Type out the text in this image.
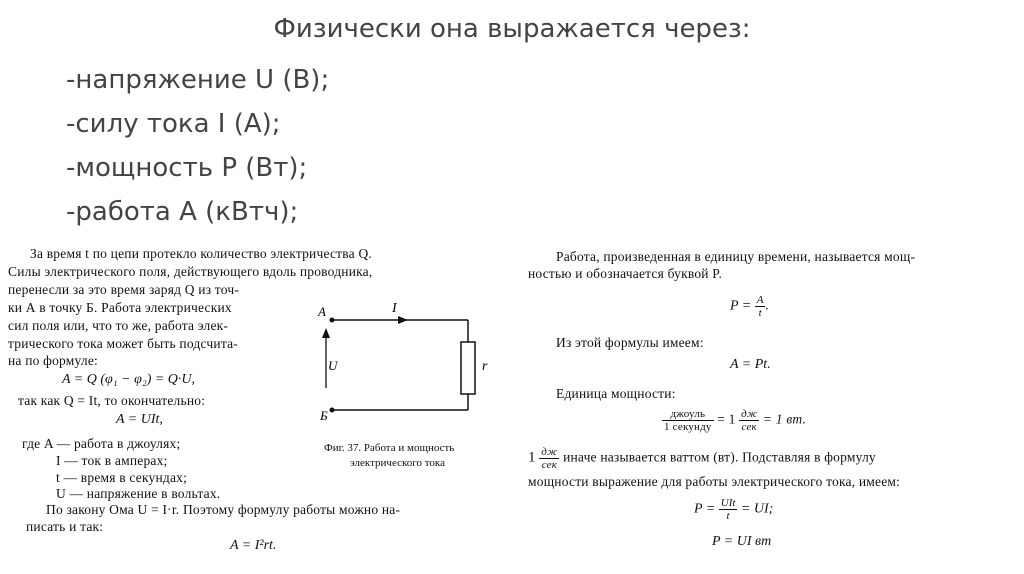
Физически она выражается через:
-напряжение U (В);
-силу тока I (А);
-мощность Р (Вт);
-работа А (кВтч);
За время t по цепи протекло количество электричества Q.
Силы электрического поля, действующего вдоль проводника,
перенесли за это время заряд Q из точ-
ки А в точку Б. Работа электрических
сил поля или, что то же, работа элек-
трического тока может быть подсчита-
на по формуле:
A = Q (φ₁ − φ₂) = Q·U,
так как Q = It, то окончательно:
A = UIt,
где A — работа в джоулях;
I — ток в амперах;
t — время в секундах;
U — напряжение в вольтах.
По закону Ома U = I·r. Поэтому формулу работы можно на-
писать и так:
A = I²rt.
А
Б
I
U	r
Фиг. 37. Работа и мощность
электрического тока
Работа, произведенная в единицу времени, называется мощ-
ностью и обозначается буквой P.
$P = \frac{A}{t}$ .
Из этой формулы имеем:
A = Pt.
Единица мощности:
$\frac{\text{джоуль}}{\text{1 секунду}} = 1 \frac{дж}{\text{сек}} = 1$ вт.
$1 \frac{дж}{\text{сек}}$ иначе называется ваттом (вт). Подставляя в формулу
мощности выражение для работы электрического тока, имеем:
$P = \frac{\text{UIt}}{t}$ = UI;
P = UI вт
